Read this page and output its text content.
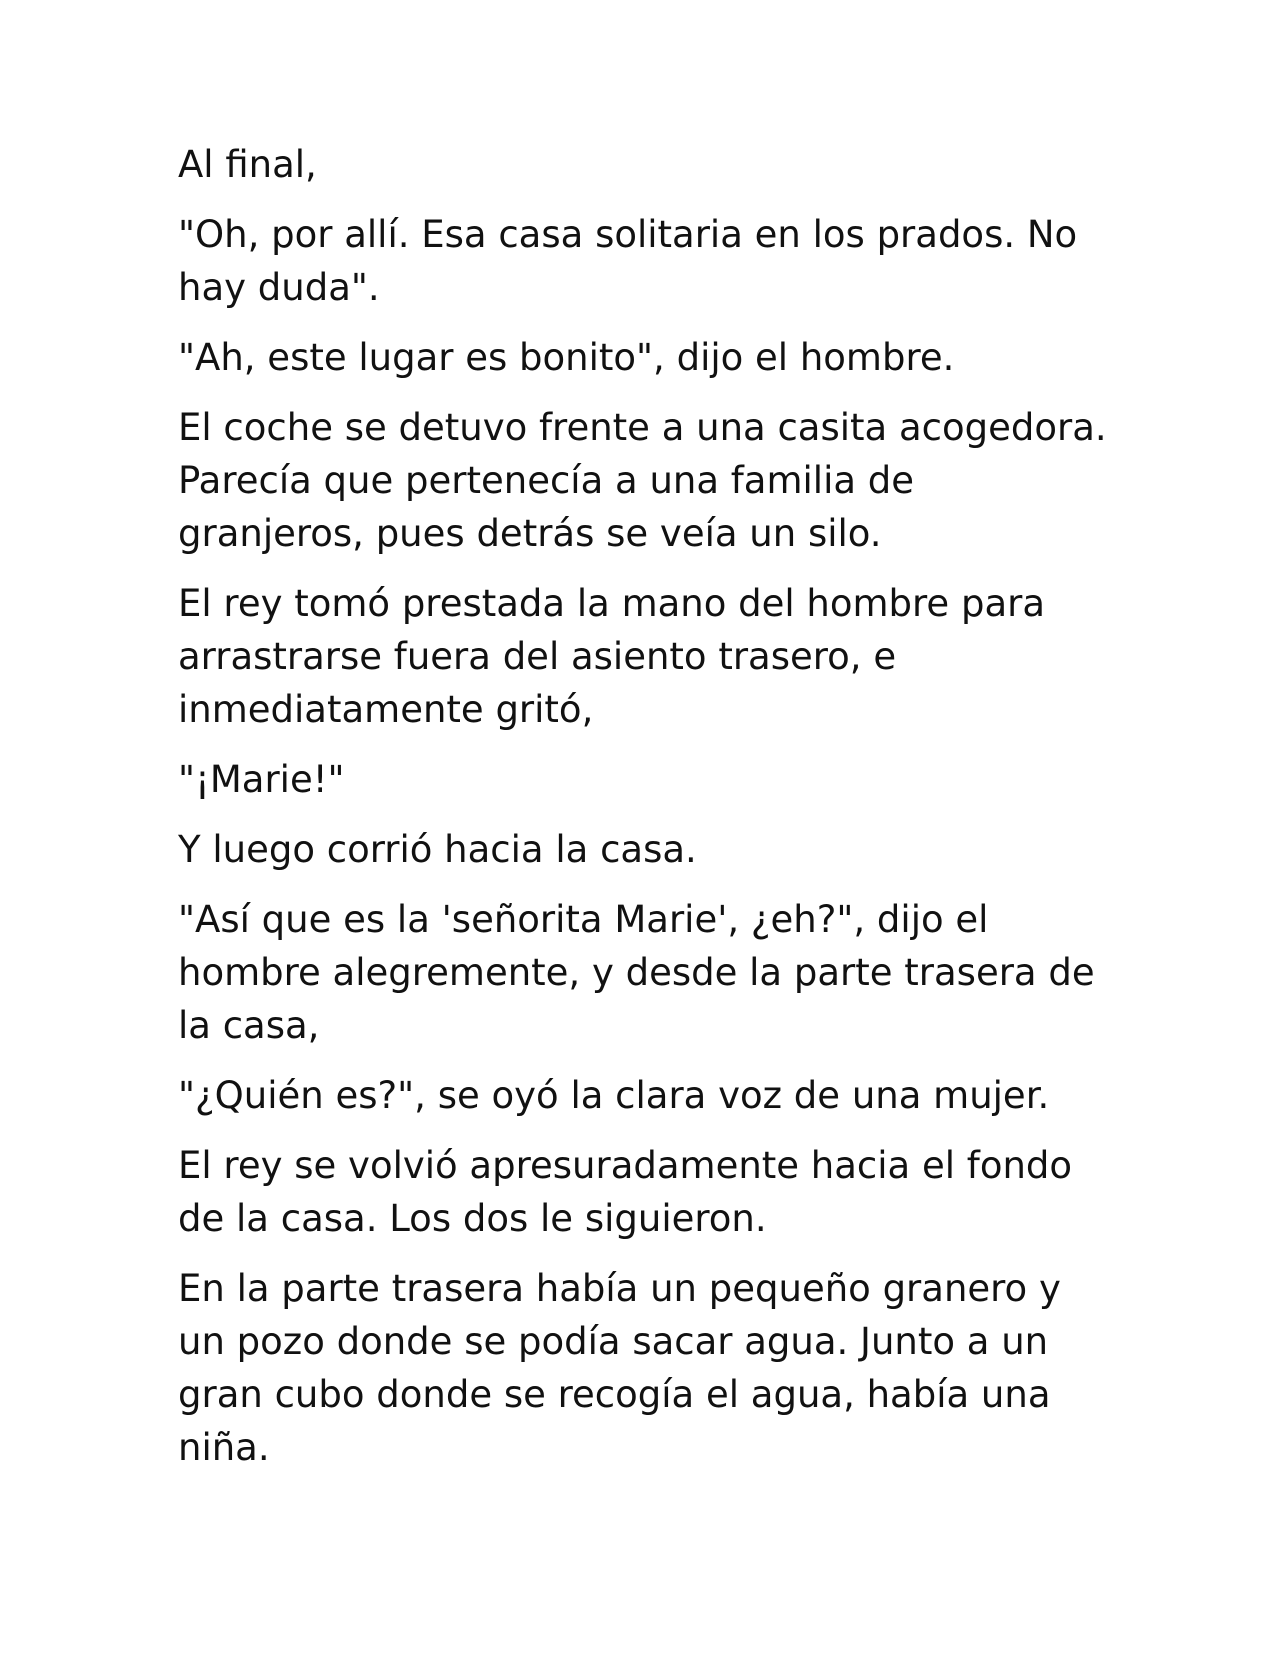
Al final,

"Oh, por allí. Esa casa solitaria en los prados. No hay duda".

"Ah, este lugar es bonito", dijo el hombre.

El coche se detuvo frente a una casita acogedora. Parecía que pertenecía a una familia de granjeros, pues detrás se veía un silo.

El rey tomó prestada la mano del hombre para arrastrarse fuera del asiento trasero, e inmediatamente gritó,

"¡Marie!"

Y luego corrió hacia la casa.

"Así que es la 'señorita Marie', ¿eh?", dijo el hombre alegremente, y desde la parte trasera de la casa,

"¿Quién es?", se oyó la clara voz de una mujer.

El rey se volvió apresuradamente hacia el fondo de la casa. Los dos le siguieron.

En la parte trasera había un pequeño granero y un pozo donde se podía sacar agua. Junto a un gran cubo donde se recogía el agua, había una niña.
